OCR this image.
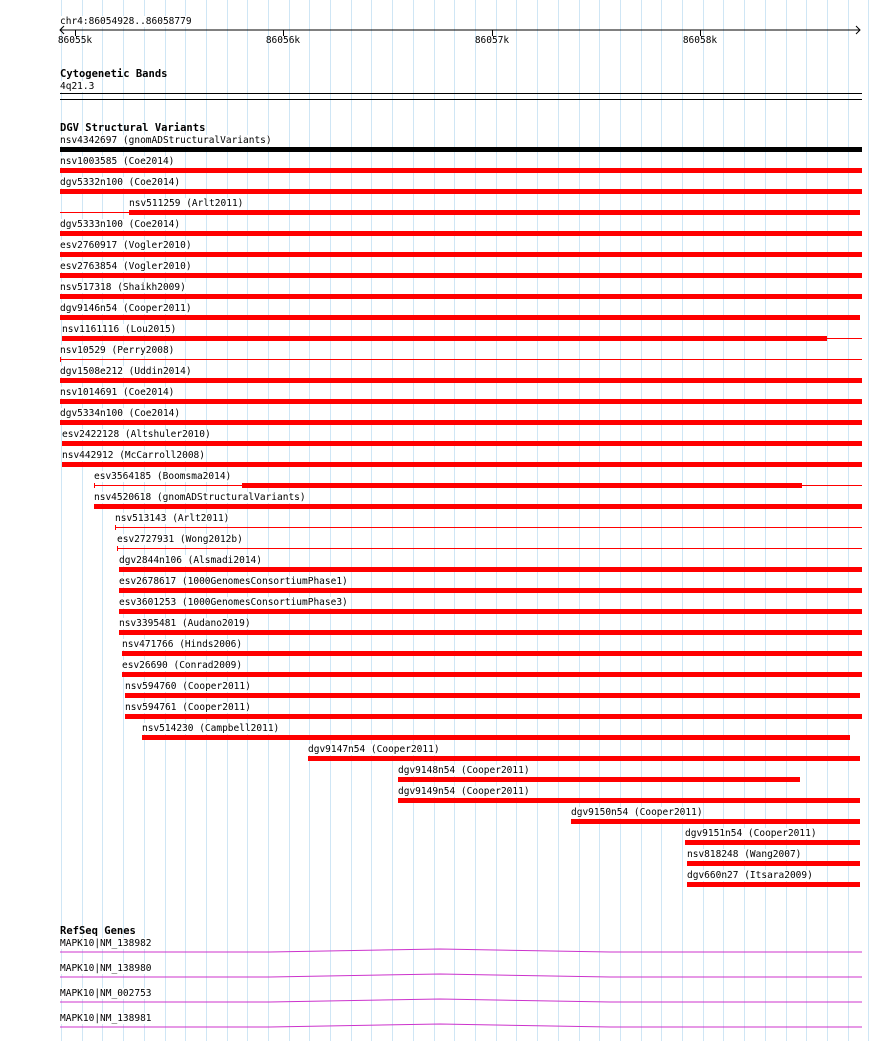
chr4:86054928..86058779
86055k	86056k	86057k	86058k
Cytogenetic Bands
4q21.3
DGV Structural Variants
nsv4342697 (gnomADStructuralVariants)
nsv1003585 (Coe2014)
dgv5332n100 (Coe2014)
nsv511259 (Arlt2011)
dgv5333n100 (Coe2014)
esv2760917 (Vogler2010)
esv2763854 (Vogler2010)
nsv517318 (Shaikh2009)
dgv9146n54 (Cooper2011)
nsv1161116 (Lou2015)
nsv10529 (Perry2008)
dgv1508e212 (Uddin2014)
nsv1014691 (Coe2014)
dgv5334n100 (Coe2014)
esv2422128 (Altshuler2010)
nsv442912 (McCarroll2008)
esv3564185 (Boomsma2014)
nsv4520618 (gnomADStructuralVariants)
nsv513143 (Arlt2011)
esv2727931 (Wong2012b)
dgv2844n106 (Alsmadi2014)
esv2678617 (1000GenomesConsortiumPhase1)
esv3601253 (1000GenomesConsortiumPhase3)
nsv3395481 (Audano2019)
nsv471766 (Hinds2006)
esv26690 (Conrad2009)
nsv594760 (Cooper2011)
nsv594761 (Cooper2011)
nsv514230 (Campbell2011)
dgv9147n54 (Cooper2011)
dgv9148n54 (Cooper2011)
dgv9149n54 (Cooper2011)
dgv9150n54 (Cooper2011)
dgv9151n54 (Cooper2011)
nsv818248 (Wang2007)
dgv660n27 (Itsara2009)
RefSeq Genes
MAPK10|NM_138982
MAPK10|NM_138980
MAPK10|NM_002753
MAPK10|NM_138981
